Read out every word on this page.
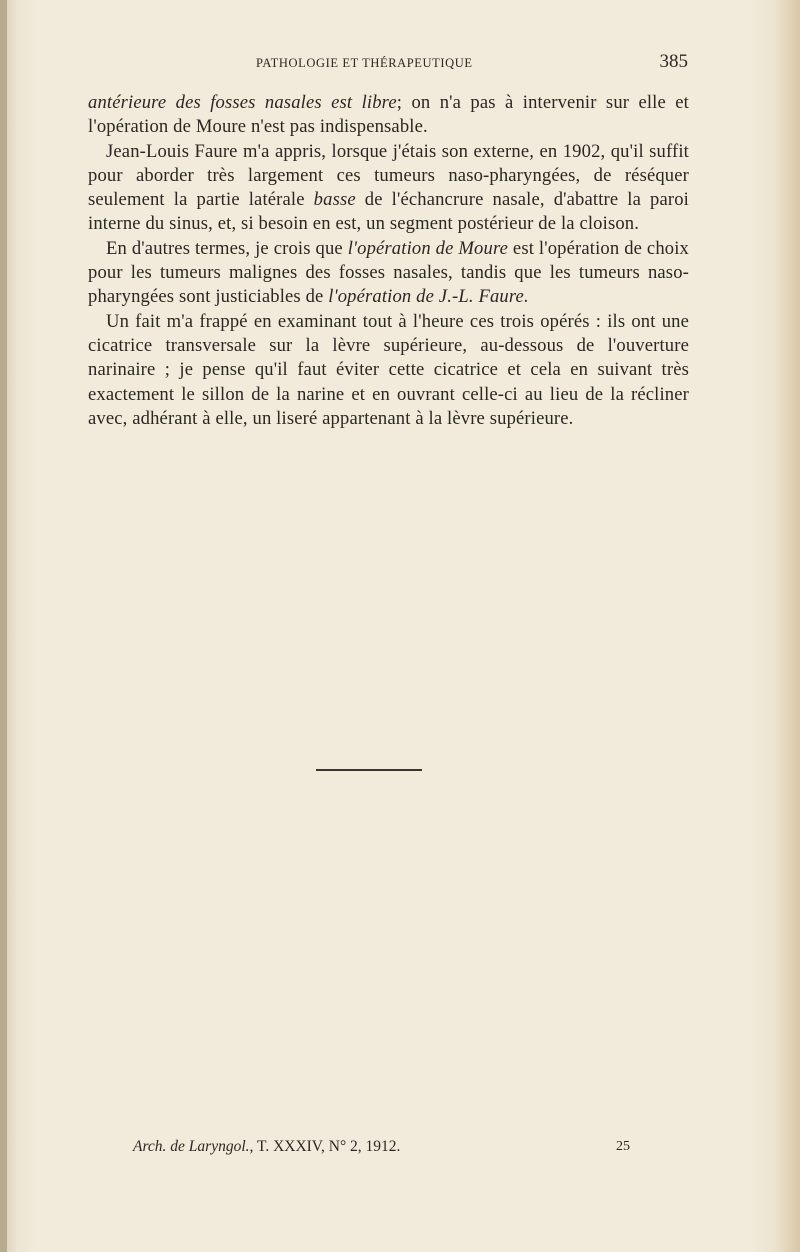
PATHOLOGIE ET THÉRAPEUTIQUE	385

antérieure des fosses nasales est libre; on n'a pas à intervenir sur elle et l'opération de Moure n'est pas indispensable.

Jean-Louis Faure m'a appris, lorsque j'étais son externe, en 1902, qu'il suffit pour aborder très largement ces tumeurs naso-pharyngées, de réséquer seulement la partie latérale basse de l'échancrure nasale, d'abattre la paroi interne du sinus, et, si besoin en est, un segment postérieur de la cloison.

En d'autres termes, je crois que l'opération de Moure est l'opération de choix pour les tumeurs malignes des fosses nasales, tandis que les tumeurs naso-pharyngées sont justiciables de l'opération de J.-L. Faure.

Un fait m'a frappé en examinant tout à l'heure ces trois opérés : ils ont une cicatrice transversale sur la lèvre supérieure, au-dessous de l'ouverture narinaire ; je pense qu'il faut éviter cette cicatrice et cela en suivant très exactement le sillon de la narine et en ouvrant celle-ci au lieu de la récliner avec, adhérant à elle, un liseré appartenant à la lèvre supérieure.

Arch. de Laryngol., T. XXXIV, N° 2, 1912.	25
